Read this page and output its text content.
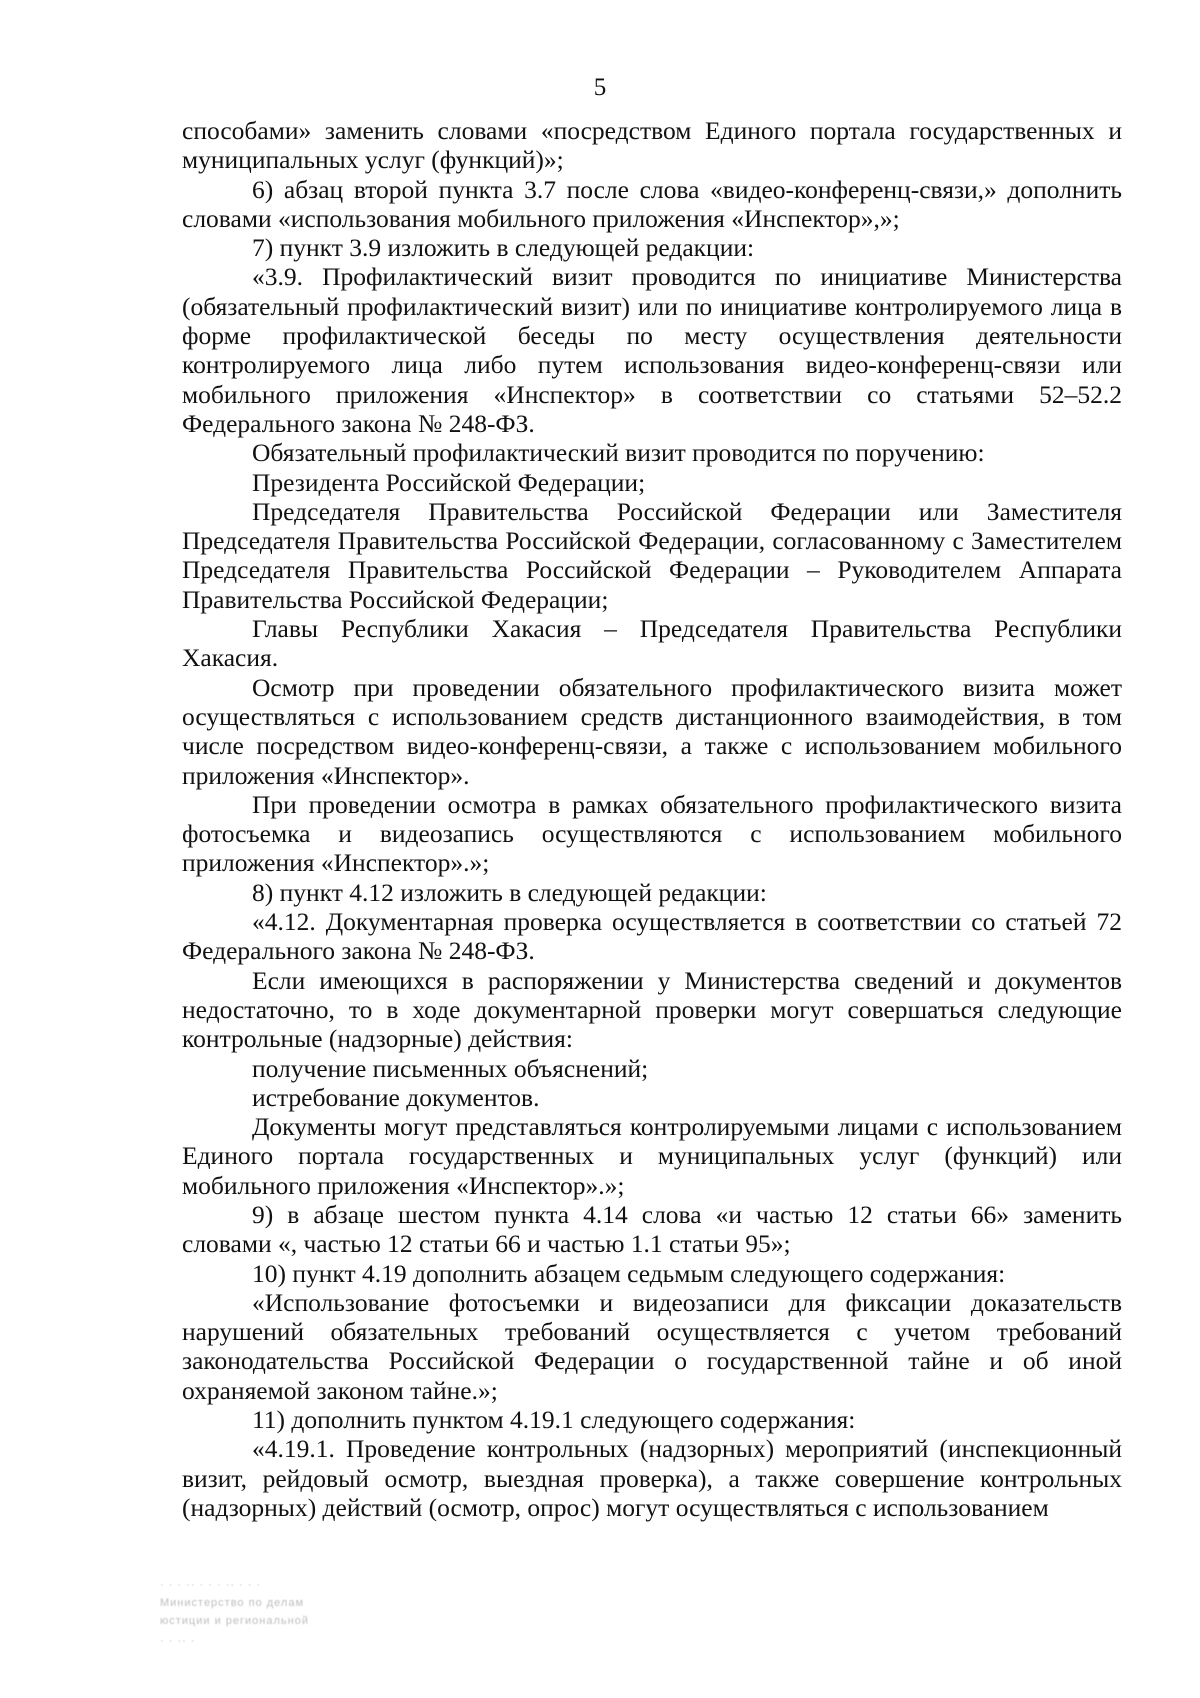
5

способами» заменить словами «посредством Единого портала государственных и муниципальных услуг (функций)»;

6) абзац второй пункта 3.7 после слова «видео-конференц-связи,» дополнить словами «использования мобильного приложения «Инспектор»,»;

7) пункт 3.9 изложить в следующей редакции:

«3.9. Профилактический визит проводится по инициативе Министерства (обязательный профилактический визит) или по инициативе контролируемого лица в форме профилактической беседы по месту осуществления деятельности контролируемого лица либо путем использования видео-конференц-связи или мобильного приложения «Инспектор» в соответствии со статьями 52–52.2 Федерального закона № 248-ФЗ.

Обязательный профилактический визит проводится по поручению:

Президента Российской Федерации;

Председателя Правительства Российской Федерации или Заместителя Председателя Правительства Российской Федерации, согласованному с Заместителем Председателя Правительства Российской Федерации – Руководителем Аппарата Правительства Российской Федерации;

Главы Республики Хакасия – Председателя Правительства Республики Хакасия.

Осмотр при проведении обязательного профилактического визита может осуществляться с использованием средств дистанционного взаимодействия, в том числе посредством видео-конференц-связи, а также с использованием мобильного приложения «Инспектор».

При проведении осмотра в рамках обязательного профилактического визита фотосъемка и видеозапись осуществляются с использованием мобильного приложения «Инспектор».»;

8) пункт 4.12 изложить в следующей редакции:

«4.12. Документарная проверка осуществляется в соответствии со статьей 72 Федерального закона № 248-ФЗ.

Если имеющихся в распоряжении у Министерства сведений и документов недостаточно, то в ходе документарной проверки могут совершаться следующие контрольные (надзорные) действия:

получение письменных объяснений;

истребование документов.

Документы могут представляться контролируемыми лицами с использованием Единого портала государственных и муниципальных услуг (функций) или мобильного приложения «Инспектор».»;

9) в абзаце шестом пункта 4.14 слова «и частью 12 статьи 66» заменить словами «, частью 12 статьи 66 и частью 1.1 статьи 95»;

10) пункт 4.19 дополнить абзацем седьмым следующего содержания:

«Использование фотосъемки и видеозаписи для фиксации доказательств нарушений обязательных требований осуществляется с учетом требований законодательства Российской Федерации о государственной тайне и об иной охраняемой законом тайне.»;

11) дополнить пунктом 4.19.1 следующего содержания:

«4.19.1. Проведение контрольных (надзорных) мероприятий (инспекционный визит, рейдовый осмотр, выездная проверка), а также совершение контрольных (надзорных) действий (осмотр, опрос) могут осуществляться с использованием

· · · ·· · · · ·· · · ·
Министерство по делам
юстиции и региональной
· · ·· ·
